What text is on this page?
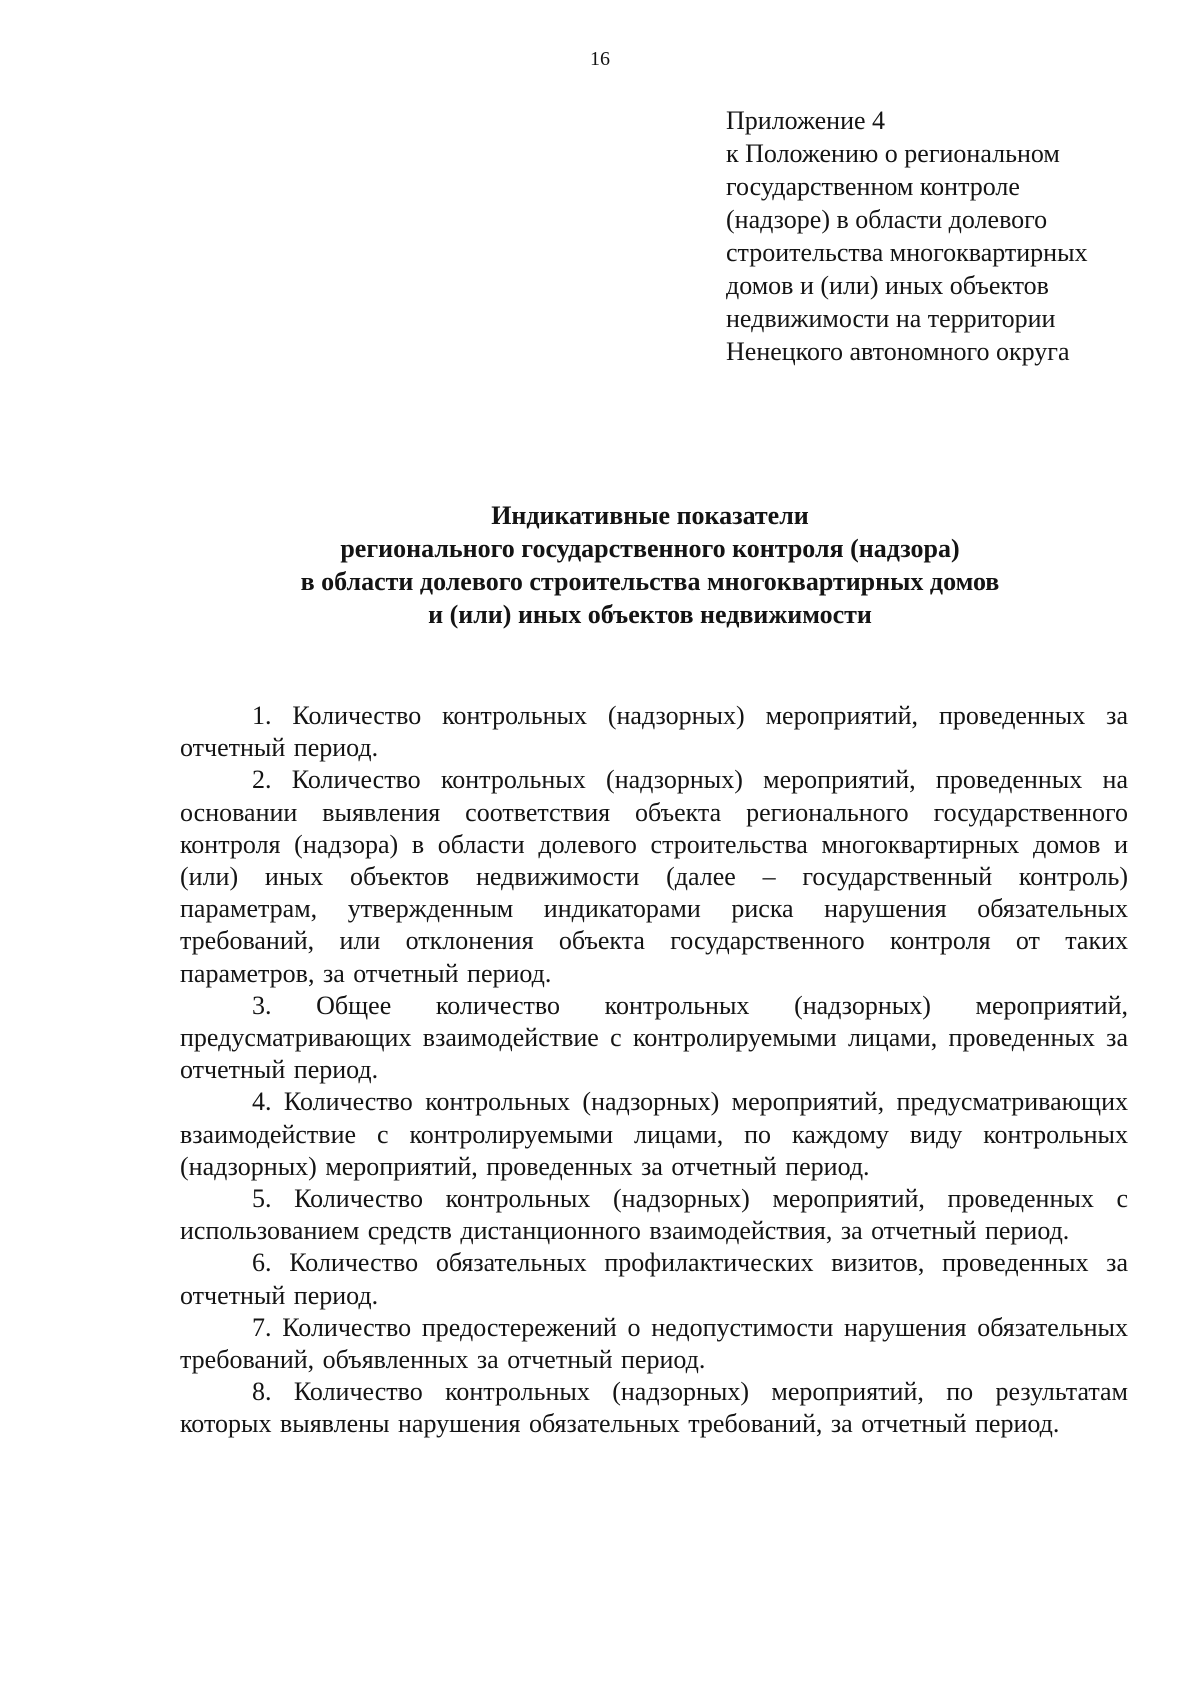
16
Приложение 4
к Положению о региональном
государственном контроле
(надзоре) в области долевого
строительства многоквартирных
домов и (или) иных объектов
недвижимости на территории
Ненецкого автономного округа
Индикативные показатели
регионального государственного контроля (надзора)
в области долевого строительства многоквартирных домов
и (или) иных объектов недвижимости

1. Количество контрольных (надзорных) мероприятий, проведенных за отчетный период.

2. Количество контрольных (надзорных) мероприятий, проведенных на основании выявления соответствия объекта регионального государственного контроля (надзора) в области долевого строительства многоквартирных домов и (или) иных объектов недвижимости (далее – государственный контроль) параметрам, утвержденным индикаторами риска нарушения обязательных требований, или отклонения объекта государственного контроля от таких параметров, за отчетный период.

3. Общее количество контрольных (надзорных) мероприятий, предусматривающих взаимодействие с контролируемыми лицами, проведенных за отчетный период.

4. Количество контрольных (надзорных) мероприятий, предусматривающих взаимодействие с контролируемыми лицами, по каждому виду контрольных (надзорных) мероприятий, проведенных за отчетный период.

5. Количество контрольных (надзорных) мероприятий, проведенных с использованием средств дистанционного взаимодействия, за отчетный период.

6. Количество обязательных профилактических визитов, проведенных за отчетный период.

7. Количество предостережений о недопустимости нарушения обязательных требований, объявленных за отчетный период.

8. Количество контрольных (надзорных) мероприятий, по результатам которых выявлены нарушения обязательных требований, за отчетный период.
